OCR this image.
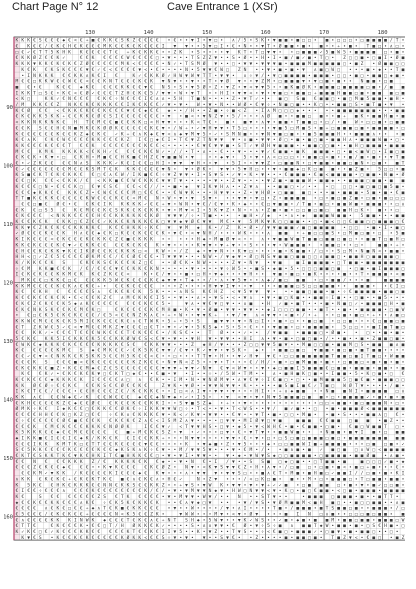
Chart Page N° 12	Cave Entrance 1 (XSr)
130	140	150	160	170	180
90
100
110
120
130
140
150
160
K K K € S € € € ◆ € < € ÷ ■ € K K € S K Z € € € € • € • • ▼ I • ▼ □ • ∧ / 5 • S K • ▼ ■ ■ • ■ □ □ • ■ • □ □ □ • □ ■ ■ ■ ■ / T •
€ K € € / € K € H € K € € € M K € € K € K € € € I ▼ ▼ • • 5 ▼ □ I • € • N • • ▼ T • Ø ■ ■ • ■ • ■ • • ÷ • ■ • T ■ □ • ∧ □ •
□ € ✓ € T T 5 K H K K € € € € T € ÷ K € K K € • • Z K • S • • • • ▼ K T • T □ ▼ ▼ • • □ ■ ■ ■ ✓ 5 ■ W 5 • ■ ■ ■ ■ □ • ■ •
€ K K Ø Z € € K ✓	€ € K € € € € W € € € € □ • ▼ • • • T S Z Z ▼ • • S • Ø • • H • I • ■ / ■ ✓ ■ • T □ • Z □ □ ■ • □ ■ I • Ø ■
K K K ▼ K K € K € K € Z Ø € € € € € M K < € € € € • N ✓ • T S M Ø ▼ • • □ • ▼ ▼ • ▼ ▼ ▼ ■ • ■ ■ ■ M ■ ■ ■ ■ ■ □ • ■ Z • Ø ■ ■ □ □
K € K € K S K € € € ▼ € ✓ € < € € € € ▼ < • € • • • • N • 5 ▼ ▼ € W □ Z N • • ▼ • ■ • ■ • ▼ ∧ ■ □ W □ • • • ■ • ◆ • • T ■
• I N K K K € € K K ∧ K € I €	K ✓ € K K Ø ✓ H W ▼ W ▼ T T • ▼ ▼ • ∧ ÷ ▼ / • ▼ □ ■ ■ ■ ■ • ■ ■ ■ • □ □ • ■ □ • ■ ■ □ ◆ ■ •
M € € □ K K W € € W € € < € € K N T € € € K € K ▼ N ▼ • • ▼ • • T • ▼ Ø ▼ • • ▼ Z M • □ ■ ■ ■ ▼ • ▼ □ ■ • ■ • • N ■ ■ • □ ■
■ € • €	K € € ◆ K € € € € K K € € ▼ € N S • S • ▼ 5 Ø • Z • ▼ Z • ▼ < ▼ ▼ 5 • • ■ K ■ Ø K • ■ ■ ■ □ ■ ■ ■ ■ □ ■ • / ■ ■
I K K T □ S € • K € < € Ø ✓ € € € T Z H € K € 5 / ▼ ▼ • W • ▼ T • • H I • ▼ ▼ < • ▼ • ▼ ■ □ • ■ ■ □ ÷ ■ ■ ■ H ■ ■ □ ■ • ■ ■ ■ □ ■
< K □	K K ✓ € N € € € € K € ÷ N € € € I € ∧ ∧ • 5 H T ■ N • • • • Z • ▼ T ✓ • • ■ □ S ■ € ■ ■ □ • ■ □ M ■ 5 ■ ■ • ■ H •
/ M K K € € Z N K € K € K K K € € I K € K € € ✓ ▼ • ▼ • W • ▼ • N • • W Ø • € ▼ ÷ • N ■ □ ■ • • K □ • • ■ ■ □ S • ■ T ■ • ▼ •
K € Ø € € < € K K € K € € K € € € ▼ € € ◆ € € ◆ • • / H • • Z ■ • ÷ ■ < Z • I ∧ M □ □ □ ◆ • • • • • ■ ■ ■ ■ ■ ■ ■ • • • ■ ■
€ K € K K 5 K K ÷ € € K K € Ø € S I € € € € € € € • ▼ • ■ < • ▼ N Z ▼ • 5 / • • • ∧ Ø ■ • • ■ ■ □ ■ • • ■ ÷ ■ K • ■ ■ H ■ • ■
< K K N K K N K € H T € M € € ■ € € K K □ < H ▼ ▼ • • • K < T € • ■ • ■ ▼ • ∧ ▼ • ■ ■ • T ■ ■ □ • □ / • ■ W • □ □ ■ • □ ■ ■
€ € K S € € H € N ■ M K € K Ø Ø K € € € € € K € ▼ • / W ÷ • ✓ ▼ H ▼ ▼ • T 5 □ • • • • ▼ ■ 5 □ M ■ S • ■ ÷ □ ■ ■ ■ □ ■ • ■ ■ ■ ■ • □
K € € € € € € K € € K Z ◆ € K € ✓ K ÷ € ∧ K ◆ € ▼ < ∧ ◆ ▼ M ▼ 5 • ✓ • S M N ■ • • ▼ N ▼ ■ □ ■ • • ■ 5 ■ ■ ■ H • • ■ ■ ■ ∧ • • • ■
K € ∧ K € K € W € € € € K K € € € K Z I € □ ◆ € I • T € ▼ Z T N ▼ ▼ ▼ • ∧ ■ • ▼ ▼ • Ø □ • ■ • ■ □ ■ • ■ ■ H ∧ • ■ ■ ■ W ■ • □ •
K K € € € K € € € T € € K € € € € € € € K € € < • • • • • € ▼ € ▼ ▼ ■ • S T ✓ ▼ Ø H ▼ ■ ■ ■ • • ■ ■ □ □ ■ • • ■ H □ ■ ■ ■ • ■ ■ ■
M € € K M K K K K K < € K H ✓ € € € € K € N ✓ • / / • T • ∧ • • € • • ▼ • • • ▼ ✓ € ■ ■ • ■ K ■ ■ ■ • □ • ■ < ■ W □ • I ■ □ ■
€ K € K • K ▼ • □ € K H • M ■ € € H K ■ € H Z € ▼ ■ ■ W • ▼	• • ◆ ▼ • 5 • ▼ • ∧ < □ □ □ • • ■ ■ □ < ■ • • ■ / ■ • ■ • • ▼ T ■
€ • ✓ Z K € € € € N ∧ S K K K ✓ K € I € € □ H I • ▼ ▼ ▼ H • • ▼ • 5 I • • ▼ ▼ Z • □ ■ ■ N • □ ▼ ■ ■ • ■ ■ □ ■ N • □ ■ • ■ T
€ ✓ € € € € € € € M € € K S M T € K K K € € € € ▼ N • ▼ • Ø K • ▼ ▼ • 5 ▼ H □ • • ▼ • ■ ■ ◆ □ K □ ■ ■ • • ■ Z ■ • 5 □ □ • ■
K S ■ € K T € K € K K € € □ € ∧ € W / I K ■ € € ÷ ▼ Z ▼ ▼ • I • S ▼ S • ✓ ▼ • K • ▼ • • • € ■ ■ ■ • € ■ < ■ ■ ■ ■ • □ ■ ■ • N ■ • Ø
€ € □ K € € < € K K / € < K K ■ € € W € K K € ▼ ▼ T ▼ • • • • • ▼ • • Z ▼ • • • • ▼ Z ■ • ■ ■ ■ W • ■ ■ ◆ • • ■ ■ ■ □ ■ ■ • ■ ■
K € € € □ N • € € € K □ € ▼ € S € € € < € / / • • ■ • ◆ ▼ I K ▼ H ∧ • • Z ▼ ∧ • • ■ ■ □ • ✓ • • • □ □ □ • ■ □ ■ □ ■ 5 ■ •
€ € € ◆ K K € € K K € Z • € W € € € € M □ € € € • • € W ▼ K • • • H ▼ ▼ • • Z • ▼ H Ø • □ ■ ■ ■ □ • • • ■ • ■ ■ ■ • 5 ■ • ■ • € ■
T T ■ K € K K € € € € € K W € € € K € € < M € N • W • ▼ • ▼ S ▼ • • • ▼ ▼ • ▼ □ • Z • ■ ■ ■ ■ • □ • ■ □ ■ Z ■ • □ ■ • ■ □ □ □
€ € □ ■ € Ø € • € € K € I K K K K K ✓ € € ÷ ▼ • W N • ▼ € / € ▼ • K • ◆ • • € □ ▼ ■ ■ • / T ■ • ■ □ • ■ ■ W ■ • ■ ■ ■ • • □ ∧
€ K € □ S 5 € K € M € € K € S K K € K € K K • ▼ • M ▼ < I • 5 K ▼ Z • N • • ∧ • Z ■ • ■ • □ □ ■ □ ■ □ ■ ■ H □ K • ■ • • □
€ K € € € < N K K € € € € H € € K K K K K € K Ø ▼ ▼ ▼ / ÷ • T ■ • • • • ■ H • / ◆ • • ∧ • ◆ ■ ■ ■ W ■ ■ • 5 ■ ■ • • • ■ ■
K € € K € K € K K □ € Z € € ✓ K K € K N K K € K □ ▼ ▼ ◆ ▼ Ø € ▼ ▼ M € • ▼ 5 M K ▼ K □ □ ■ ■ • • □ • ■ < □ □ € ■ ■ □ □ ■ ■ ■ □ €
K K ▼ € Z K € K € € K K K K € K € € H K K ÷ K € ▼ ▼ M ◆ K • / Z K • Ø • / ▼ ▼ ■ ■ ■ ✓ ■ □ ■ ■ ■ ■ • □ □ • ■ • I • ■ □
✓ Ø € € € K € € K H ∧ € € ◆ € K □ K € € K € € € K • ▼ € • < ▼ N H / • • • W K • • • ∧ ■ ■ • ÷ ■ □ □ ■ S • □ M ■ □ ■ • □ • 5 ■
K I K € € € < € K € € € K € K K € Z € ■ € K K K • • • • • H ◆ • M ■ Ø ▼ < • • ∧ • ▼ ■ ■ W ■ T ■ ■ □ ■ ■ □ ■ □ • • ■ ■ T □ ■ H □
K K € K € € € K € ▼ ✓ € K K € € € € K € K € K • ▼ • • • • K ▼ ▼ • ▼ ÷ ▼ • • S • • • ▼ • W ■ ■ ■ • • ■ ■ □ • • □ •	■ ■ • ÷ •
€ H € € K € K K ▼ K € I K Ø € € K € K K K □ < K W • • / Z ◆ • ▼ ▼ N • • K ▼ □ • • • • ■ • K ■ ■ • / □ • • S □ M • N ■ N < • ■ ■ •
H H < □ ✓ Z € 5 € € € € Ø K M € € / € € Ø € € € • T ▼ ▼ ▼ • • • N W • / ▼ ◆ ▼ • Ø □ N S ▼ ■ ■ □ ■ ■ □ □ ∧ ■ ■ □ • ■ ■ H □ ■ ■ ■ ■ □
K / K K € € K S	€ K € K S € K € € K Z □ € • • Ø € K • N W • • • • Z ▼ • N ▼ • ▼ ■	■ I ■ ■ ■ ■ • □ T ■ ■ • ■ ■ ■ ■ ■ ■ ■
÷ € M K K ■ € € K / € / € € € ▼ € € K K € K N • • • • • ▼ • • • • ▼ ÷ W 5 • • ■ S • ◆ ■ • 5 • □ □ □ ■ ■ □ ■ • □ ■ • ■ I ■ ■ ■ □
I € K € K € € K K M € K K € Z K € € <	K • € / ▼ • • ■ • □ H • ▼ ◆ • • • ▼ H • • ▼ ■ • ■ □ • ■ K • • • • ■ • • T • ■ ■ ■ • < ■
M K € € □ K K € □ € € € K K 5 W € K € € € K € ◆ ▼ ▼ • T ◆ • • / • ∧ • ▼ 5 ▼ • • ∧ ◆ / ■ □ ■ ■ • □ • ■ ■ / • • • ■	■ ■ ■ ■
K K M € € € € K € K ∧ € K € ÷ • € € K € € € € • • • Z • • • • H ▼ ▼ I ▼ • • ▼ • • • ■ ■ ■ □ S □ □ ■ ■ ■ • • ■ ■ ■ • • € I □
K € € K H € € € € € S ∧ € K € K € K 5 K • • • ∧ N S K € H Z < ▼ 5 ▼ ▼ ▼ • • • ■ ■ □ ■ ■ • ■ • ÷ € ■ ■ ■ ■ • ■ ■ □ ■
K € € K € € K € K • € < € € K Z € ∧ M € K K € I 5 • • ▼ • • ∧ • • ▼ S • < • ▼ ∧ • ▼ • ■ □ K ■ • • ■ ■ ÷ I ■ • • □ ■ • • ■ 5 • • •
€ K € Z € K € € K 5 ◆ ∧ K € € € € € € € € K € € 5 •	▼ ∧ • ▼ € ▼ □ ▼ • • ∧ ■ • H ✓ ■ • ■ T • • • ■ • N ■ □ ✓ • ■ ■ ■ □ H • ■
€ K € N K S K € € K € M € K □	€ K € € € € K € M H ■ • K • ▼ • Ø ■ • ▼ ▼ • ▼ ▼ • • ◆ I □ □ □ ■ ■ • • ■ T • • ■ • • ■ ■ ■ ■ • □ ■ W
• € □ € K 5 € K € K € € € / € 5 < € € N Z K ∧ € • ÷ • W • • ▼ ▼ K ÷ • ▼ / ▼ ∧ < ▼ ▼ • < ■ • / • ÷ • • □ ■ • ■ □ • ÷ • • ∧ ■ □
K K W € M € € K € K 5 M I € K € € € K € ∧ € T W K • 5 ÷ • 5 • S	■ ▼ ▼ • ▼ • N □ I • • ■ • □ • • ■ □ ■ • □ □ ■ • • • € □ ■ ■ □ ■
€ T Z K W € 5 ✓ € < ▼ M € € M K Z ▼ € € € □ € T • ▼ • ✓ ▼ • 5 K S ◆ • S • S • € • • • ▼ ■ ■ • □ • ■ ■ ■ ■ • 5 □ □ • • ■ I ■ T ■ □
€ € K K ✓ • € € € T € € € W K € € € T € K € € € • / K S € • • T Ø • • • ✓ • • / ▼ ■ ■ • ■ ■ ■ □ • Ø ■ • • □ • • ■ • ■ •
5 € K € K K 5 I € K K € K 5 € € K K Ø W € S < € ▼ • ▼ • • ▼ H ▼ • ▼ ▼ • • H I ∧ • ▼ • ■ • □ ■ □ ■ • / • • ■ • • ■ • Z ■ ■ □ ■ •
€ W K € ◆ K K K € K € € € € K K K K € S € € K K ▼ ▼ • • • Z ◆ H / ▼ • • • Z □ □ ▼ ▼ 5 ■ ▼ • • M ■ □ □ ■ • ■ ■ M □ S • ■ ■ ■ ∧ ■
K € € € € € K M € S ◆ € M K € € ✓ € K 5 K € ▼ ▼ / € ▼ • K ✓ ▼ ▼ • ▼ S K • ◆ • • ■ ■ □ ■ □ ▼ ■ ■ • ■ □ ■ • ■ T ■ ■ • • • •
€ € ✓ € ▼ < € N K K € K S K K 5 € € H 5 K € € < € • • □ • • • T T ▼ • H • • ▼ ✓ H ▼ ▼ € • □ □ ■ ■ ■ ■ ■ ■ T ■ ■ □ ■ I T ■ □ • W ■ ■
€ € € K S € € € ■ < € K € € € € € € K Z K € € • N ▼ N < Z 5 • • ▼ • T • • • € / H / • ■ • □ ■ M ■ ■ • ■ • • □ ■ ■ □ < ■ • ■ • ■ •
€ K € K K € ■ Z • K € € M ◆ € Z € S € € € € € € € ▼ ▼ ▼ ÷ ▼ ▼ ✓ N ▼ € ▼ < W ▼ • • ▼ • ◆ □ ■ ■ I 5 ■ ■ ■ € □ ■ ■ • ■ ■ ■ • ■ ■ • • ■
K € € K ✓ • € K € K € K ▼ □ € K T □ ◆ € • • € ■ • ▼ • I • • ÷ • / 5 W • T M • • ∧ • ■ H ■ K □ ■ • • I ■ ■ • 5 • K □ ■ • □ €
K € K € € € ◆ K K K € K I € € € € ∧ □ ∧ € K • • I M • N • ▼ N Ø M ▼ • ∧ ▼ € ▼ ÷ I € ■ □ • □ • • ■ M ■ ■ ■ 5 □ ■ € ■ • ■ ■ ■ □ □
K K Ø € Ø ÷ € € K € € € K S € € Ø € € K €	Z ▼ K • ▼ Ø • • ▼ ▼ W ▼ ▼ • K • • • • • ■ S ■ I ■ € ✓ T ■ □ W Ø T ▼ • • • • / ■ •
I K € T € € / € € € • € € H € € € Z € / K € K K € • • I □ < ∧ I ▼ • ▼ ▼ • ▼ • • • H I • • ÷ ∧ ◆ ■ ■ • • N ■ ■ N I • ■ ■ ■ ■ □ ∧
K K ∧ € € € W ◆ € ✓ K € € W € € € ◆ € € ◆ N ▼ ◆ • ✓ • I 5 • • ▼ < ▼ • ▼ • N ▼ S ■ ■ ■ □ ■ ■ • □ • ■ ■ ■ ■ ✓ • ■ • ■ • ■
€ K H € € € € K Z € ◆ € € Ø € € K € € K € € K K I • • S ▼ ■ S Z ◆ • ÷ • • ▼ • • • • • • • • • • • • □ □ < ■ ■ • ■ □ ■ ■ ■ N • □ •
Ø M K ÷ K € I ◆ K € € □ € K K € € Ø K € ÷ I K K ▼ ▼ W □ ÷ • T < • • ▼ • T < W S • • ▼ / ■ ✓ ■ • • □ • ■ • ■ ■ ■ Ø < ■ ■ ■ ■ ■ ■
€ € € € H H € € K □ K Z □ € € ÷ € K ∧ € K K K € ▼ • K < ✓ K ▼ • ▼ ▼ • • € ▼ • • ▼ T • ■ • □ □ • M ■ • • ■ • S • • • ■ ■ ∧ □ € •
€ ÷ € € € € € € Ø € ■ € € € K € K € K € Z ∧ € < I S M Z ∧ ▼ • • • • □ ▼ ▼ • M I Ø ▼ □ ▼ ■	■ ■ ■ € € ■ ■ □ ■ ■ • ■ Z • •
€ € € K € M € K € € € K K K € N Ø Ø K	I € € ▼ ✓ < T ▼ ▼ H S • □ ▼ • ◆ 5 • ▼ < W H € • ■ • € ■ ■ • □ ■ • € ■ □ W ■ ■ T □ •
K 5 K K K € € ◆ € € M € € € € € € ■ ÷ M € K € S Z • ▼ • ✓ • • • □ ▼ • € • ▼ T ▼ • • ■ ■ W ■ • • • N ■ ■ • ■ ▼ I ■ • □ ■ ■
◆ I K K ■ € I € € I € ◆ K / K K € K € I € € K K ÷ • • • N ▼ ▼ • • • • ▼ ▼ • € • ▼ • □ • □ S □ ■ □ ■ ■ ■ □ ■ □ • ■ ■ ■ ■ ■ ■ ■ ■ ■
€ € € I K K K M T K □ € T T € € K € € € € ▼ € € • • • • K • ▼ ◆ ■ • Z • ▼ 5 • • • ◆ • □ □ ■ ■ W I ■ ÷ ■ ■ ■ ■ • • • □ ■ □ ■ • ✓
S € 5 K K € € € € K € € € € K € € ◆ K S K ∧ K ÷ € ▼ • • M / ▼ ▼ 5 ▼ • • • ▼ • € M • / • • ■ ∧ ■ • ■ ✓ ■ □ ■ □ ∧ W □ < ■ ■ ■ ■
€ K T € S K K T K € ▼ K € H K I T € ■ H K K € € □ • ▼ • ▼ I • ▼ ▼ • • ▼ • ◆ • ▼ W ▼ S ◆ □ □ ■ ■ ■ ■ • □ ■ ■ ■ ■ • ■ ■ Ø ■ • ∧ ■ •
€ € N € € € K K K Z / € K K K K € K € ◆ • • ▼ • N € • I / ▼ • • S S ■ □ ◆ □ ■ • • □ T ■ ■ • ■	■ □ □ □ ✓ ■ • ◆
€ € € Z € K € € ◆ € € € • • K ▼ K € € € € K € Ø Z • N ▼ • < K ▼ S ▼ ▼ € Z • H • ∧ ▼ • / □ ■ □ • □ ■ • ■ < • ■ □ ÷ ■ • • • € •
€ € K M ✓ ▼ K K / K € € € € K I € € € ◆ € K ▼ • • • ∧ • ▼ ▼ ▼ • ▼ ▼ S □ • • ■ ∧ € T • M ■ • ■ H ■ □ ✓ ■ ■ I / / □ ■ • ■ • K I
∧ K K € K € K € ÷ € K € K T K € ■ € ∧ € K € ∧ • H € ✓	N • Z ▼ • • • / < □ K □ ■ • ■ • • M • □ • ■ ■ ■ □ • T □ ■ ■ • ■ ■ •
K 5 K € € H K € K K K € € N N € K K S € € K K Z • • ÷ ▼ S • ▼ W K • ▼ ▼ • ▼ • ▼ ÷ ✓ ✓ ■ • □ ■ ■ ■ □ • ■ • ▼ • ■ ✓ □ □ ■ •
€ I € € ÷ € € € ∧ € € € K € € € € € € € € K / € / • ▼ • ▼ M ▼ ▼ N ◆ ▼ • H W □ N ▼ ▼ < ▼ • K □ • ■ □ € ■ ■ • < □ ■ • ■ ■ ■ • ■ ■ ■ ■
K €	S € € € € € € € Z S € T K € € € € • ▼ • M ▼ ▼ • W ▼ / • • N • • S T ▼ • •	• ■ ■ ■ □ ■ ■ ■ • ■ • • ■ T T •
◆ € € K € € K K € € € ∧ K € ÷ € K 5 K € K K € K • • € ∧ ▼ ◆ □ ▼ • • • ▼ / ▼ S • ▼ Ø M ■ ■ M < ■ H ■ □ • • ■ □ □ ■ ■ • • ∧ ■
€ € € € ∧ € K € □ € € ÷ ◆ ∧ T € K ■ € K K € € € • ▼ • • W • • • • / ▼ • ∧ I • • • • T ■ • / ■ ■ ■ • ■ T S ■ ■ □ ■ • • ■ ■ ■ • / □
€ 5 € € € / € K € K € € ÷ € € € € N < K 5 € € Z K •	▼ W W • • • M ▼ • < ▼ • Ø ▼ • • • ■ I N □ ∧ ■ • • □ □ □ ■ □ ■ ■ • ■
€ ∧ € € € € K K K I N W K ◆ € € € T € K € ∧ € ÷ N T S H ◆ • 5 W ▼ • • ▼ K ✓ W S • • ✓ ■ • ◆ ■ • ■ ■ M • ■ ■ □ ■ ■ • ■ ■ ■ □ W
€ T T €	€ K € € € K • € € □ T / H Ø K K € K ✓ • • • • S • ∧ ∧ ▼ ▼ • € Ø • ▼ ÷ 5 ÷ ■ ∧ ■ ■ T ◆ W • ■ ■ • ■ • □ S € H ■ • □
K ✓ K € □ € ✓ K € € € K K € € € € € K T € € K € I I ▼ 5 • • K • ▼ Z • • T ▼ S • • ÷ < € ■ □ • ■ ■ ■ ✓ • □ ■ ▼ • ■ • ■ ■ □ • • □ •
K ▼ € S • K € € K € K € € € € € K Ø K K < € € S ÷ ▼ • ▼ • ▼ • • S ▼ € • • Z • • • • ■ • ■ ■ □ ■ • T ■ Z ▼ < • € ■ □ • ■ Z
